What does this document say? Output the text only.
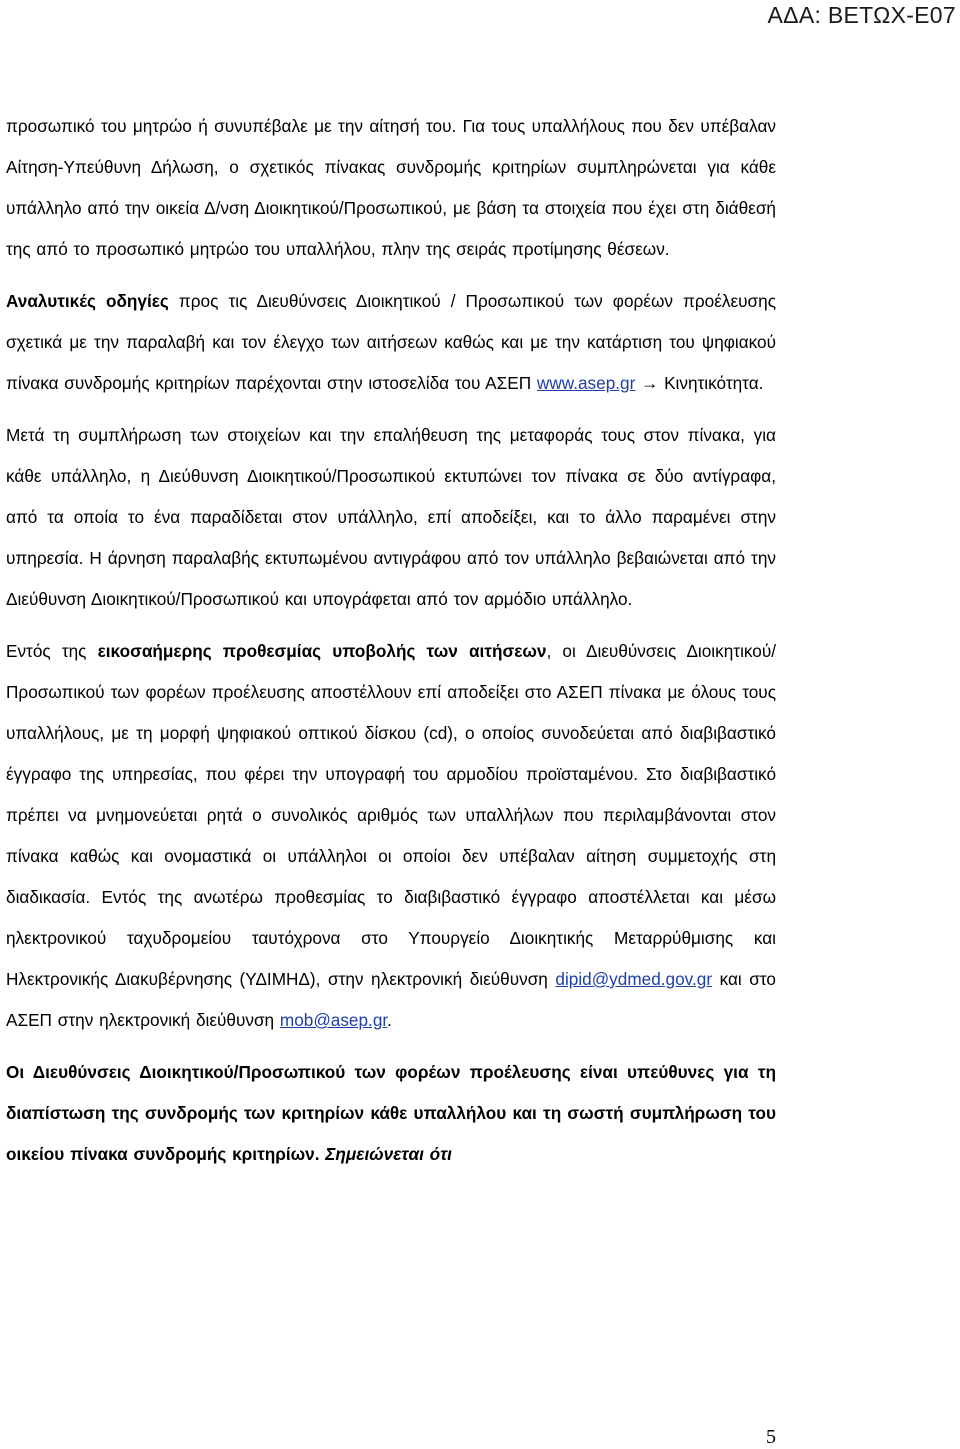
ΑΔΑ: ΒΕΤΩΧ-Ε07

προσωπικό του μητρώο ή συνυπέβαλε με την αίτησή του. Για τους υπαλλήλους που δεν υπέβαλαν Αίτηση-Υπεύθυνη Δήλωση, ο σχετικός πίνακας συνδρομής κριτηρίων συμπληρώνεται για κάθε υπάλληλο από την οικεία Δ/νση Διοικητικού/Προσωπικού, με βάση τα στοιχεία που έχει στη διάθεσή της από το προσωπικό μητρώο του υπαλλήλου, πλην της σειράς προτίμησης θέσεων.

Αναλυτικές οδηγίες προς τις Διευθύνσεις Διοικητικού / Προσωπικού των φορέων προέλευσης σχετικά με την παραλαβή και τον έλεγχο των αιτήσεων καθώς και με την κατάρτιση του ψηφιακού πίνακα συνδρομής κριτηρίων παρέχονται στην ιστοσελίδα του ΑΣΕΠ www.asep.gr → Κινητικότητα.

Μετά τη συμπλήρωση των στοιχείων και την επαλήθευση της μεταφοράς τους στον πίνακα, για κάθε υπάλληλο, η Διεύθυνση Διοικητικού/Προσωπικού εκτυπώνει τον πίνακα σε δύο αντίγραφα, από τα οποία το ένα παραδίδεται στον υπάλληλο, επί αποδείξει, και το άλλο παραμένει στην υπηρεσία. Η άρνηση παραλαβής εκτυπωμένου αντιγράφου από τον υπάλληλο βεβαιώνεται από την Διεύθυνση Διοικητικού/Προσωπικού και υπογράφεται από τον αρμόδιο υπάλληλο.

Εντός της εικοσαήμερης προθεσμίας υποβολής των αιτήσεων, οι Διευθύνσεις Διοικητικού/Προσωπικού των φορέων προέλευσης αποστέλλουν επί αποδείξει στο ΑΣΕΠ πίνακα με όλους τους υπαλλήλους, με τη μορφή ψηφιακού οπτικού δίσκου (cd), ο οποίος συνοδεύεται από διαβιβαστικό έγγραφο της υπηρεσίας, που φέρει την υπογραφή του αρμοδίου προϊσταμένου. Στο διαβιβαστικό πρέπει να μνημονεύεται ρητά ο συνολικός αριθμός των υπαλλήλων που περιλαμβάνονται στον πίνακα καθώς και ονομαστικά οι υπάλληλοι οι οποίοι δεν υπέβαλαν αίτηση συμμετοχής στη διαδικασία. Εντός της ανωτέρω προθεσμίας το διαβιβαστικό έγγραφο αποστέλλεται και μέσω ηλεκτρονικού ταχυδρομείου ταυτόχρονα στο Υπουργείο Διοικητικής Μεταρρύθμισης και Ηλεκτρονικής Διακυβέρνησης (ΥΔΙΜΗΔ), στην ηλεκτρονική διεύθυνση dipid@ydmed.gov.gr και στο ΑΣΕΠ στην ηλεκτρονική διεύθυνση mob@asep.gr.

Οι Διευθύνσεις Διοικητικού/Προσωπικού των φορέων προέλευσης είναι υπεύθυνες για τη διαπίστωση της συνδρομής των κριτηρίων κάθε υπαλλήλου και τη σωστή συμπλήρωση του οικείου πίνακα συνδρομής κριτηρίων. Σημειώνεται ότι

5
